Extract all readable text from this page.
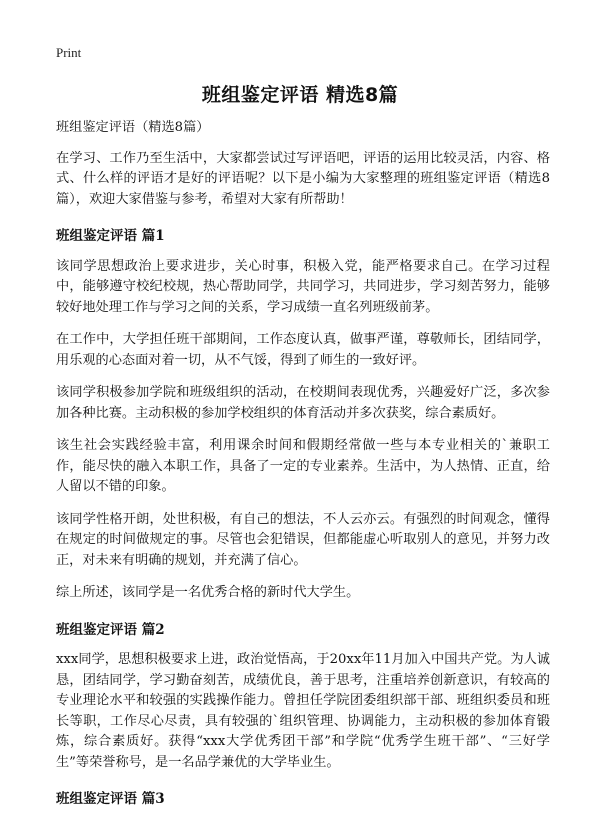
Print
班组鉴定评语 精选8篇
班组鉴定评语（精选8篇）
在学习、工作乃至生活中，大家都尝试过写评语吧，评语的运用比较灵活，内容、格式、什么样的评语才是好的评语呢？以下是小编为大家整理的班组鉴定评语（精选8篇），欢迎大家借鉴与参考，希望对大家有所帮助！
班组鉴定评语 篇1
该同学思想政治上要求进步，关心时事，积极入党，能严格要求自己。在学习过程中，能够遵守校纪校规，热心帮助同学，共同学习，共同进步，学习刻苦努力，能够较好地处理工作与学习之间的关系，学习成绩一直名列班级前茅。
在工作中，大学担任班干部期间，工作态度认真，做事严谨，尊敬师长，团结同学，用乐观的心态面对着一切，从不气馁，得到了师生的一致好评。
该同学积极参加学院和班级组织的活动，在校期间表现优秀，兴趣爱好广泛，多次参加各种比赛。主动积极的参加学校组织的体育活动并多次获奖，综合素质好。
该生社会实践经验丰富，利用课余时间和假期经常做一些与本专业相关的`兼职工作，能尽快的融入本职工作，具备了一定的专业素养。生活中，为人热情、正直，给人留以不错的印象。
该同学性格开朗，处世积极，有自己的想法，不人云亦云。有强烈的时间观念，懂得在规定的时间做规定的事。尽管也会犯错误，但都能虚心听取别人的意见，并努力改正，对未来有明确的规划，并充满了信心。
综上所述，该同学是一名优秀合格的新时代大学生。
班组鉴定评语 篇2
xxx同学，思想积极要求上进，政治觉悟高，于20xx年11月加入中国共产党。为人诚恳，团结同学，学习勤奋刻苦，成绩优良，善于思考，注重培养创新意识，有较高的专业理论水平和较强的实践操作能力。曾担任学院团委组织部干部、班组织委员和班长等职，工作尽心尽责，具有较强的`组织管理、协调能力，主动积极的参加体育锻炼，综合素质好。获得“xxx大学优秀团干部”和学院“优秀学生班干部”、“三好学生”等荣誉称号，是一名品学兼优的大学毕业生。
班组鉴定评语 篇3
